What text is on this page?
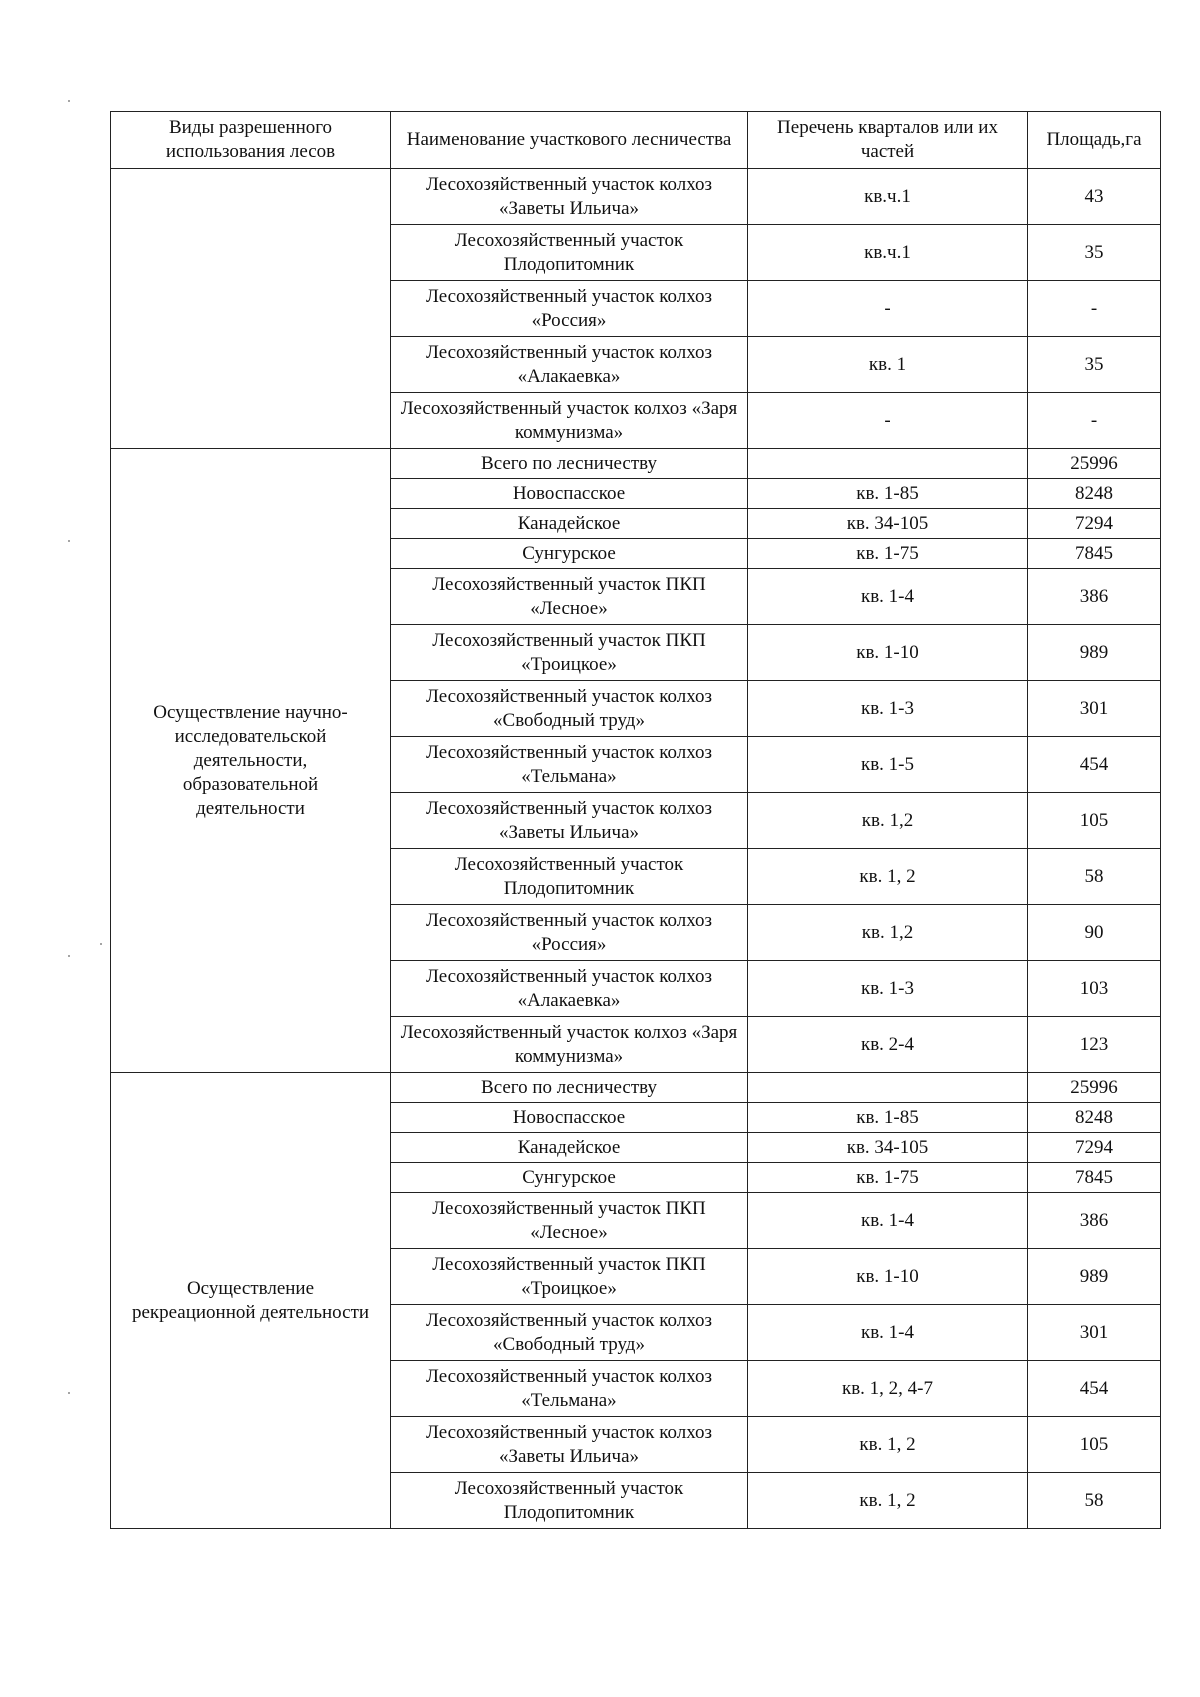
Виды разрешенного использования лесов	Наименование участкового лесничества	Перечень кварталов или их частей	Площадь,га
	Лесохозяйственный участок колхоз «Заветы Ильича»	кв.ч.1	43
	Лесохозяйственный участок Плодопитомник	кв.ч.1	35
	Лесохозяйственный участок колхоз «Россия»	-	-
	Лесохозяйственный участок колхоз «Алакаевка»	кв. 1	35
	Лесохозяйственный участок колхоз «Заря коммунизма»	-	-
Осуществление научно-исследовательской деятельности, образовательной деятельности	Всего по лесничеству		25996
	Новоспасское	кв. 1-85	8248
	Канадейское	кв. 34-105	7294
	Сунгурское	кв. 1-75	7845
	Лесохозяйственный участок ПКП «Лесное»	кв. 1-4	386
	Лесохозяйственный участок ПКП «Троицкое»	кв. 1-10	989
	Лесохозяйственный участок колхоз «Свободный труд»	кв. 1-3	301
	Лесохозяйственный участок колхоз «Тельмана»	кв. 1-5	454
	Лесохозяйственный участок колхоз «Заветы Ильича»	кв. 1,2	105
	Лесохозяйственный участок Плодопитомник	кв. 1, 2	58
	Лесохозяйственный участок колхоз «Россия»	кв. 1,2	90
	Лесохозяйственный участок колхоз «Алакаевка»	кв. 1-3	103
	Лесохозяйственный участок колхоз «Заря коммунизма»	кв. 2-4	123
Осуществление рекреационной деятельности	Всего по лесничеству		25996
	Новоспасское	кв. 1-85	8248
	Канадейское	кв. 34-105	7294
	Сунгурское	кв. 1-75	7845
	Лесохозяйственный участок ПКП «Лесное»	кв. 1-4	386
	Лесохозяйственный участок ПКП «Троицкое»	кв. 1-10	989
	Лесохозяйственный участок колхоз «Свободный труд»	кв. 1-4	301
	Лесохозяйственный участок колхоз «Тельмана»	кв. 1, 2, 4-7	454
	Лесохозяйственный участок колхоз «Заветы Ильича»	кв. 1, 2	105
	Лесохозяйственный участок Плодопитомник	кв. 1, 2	58
